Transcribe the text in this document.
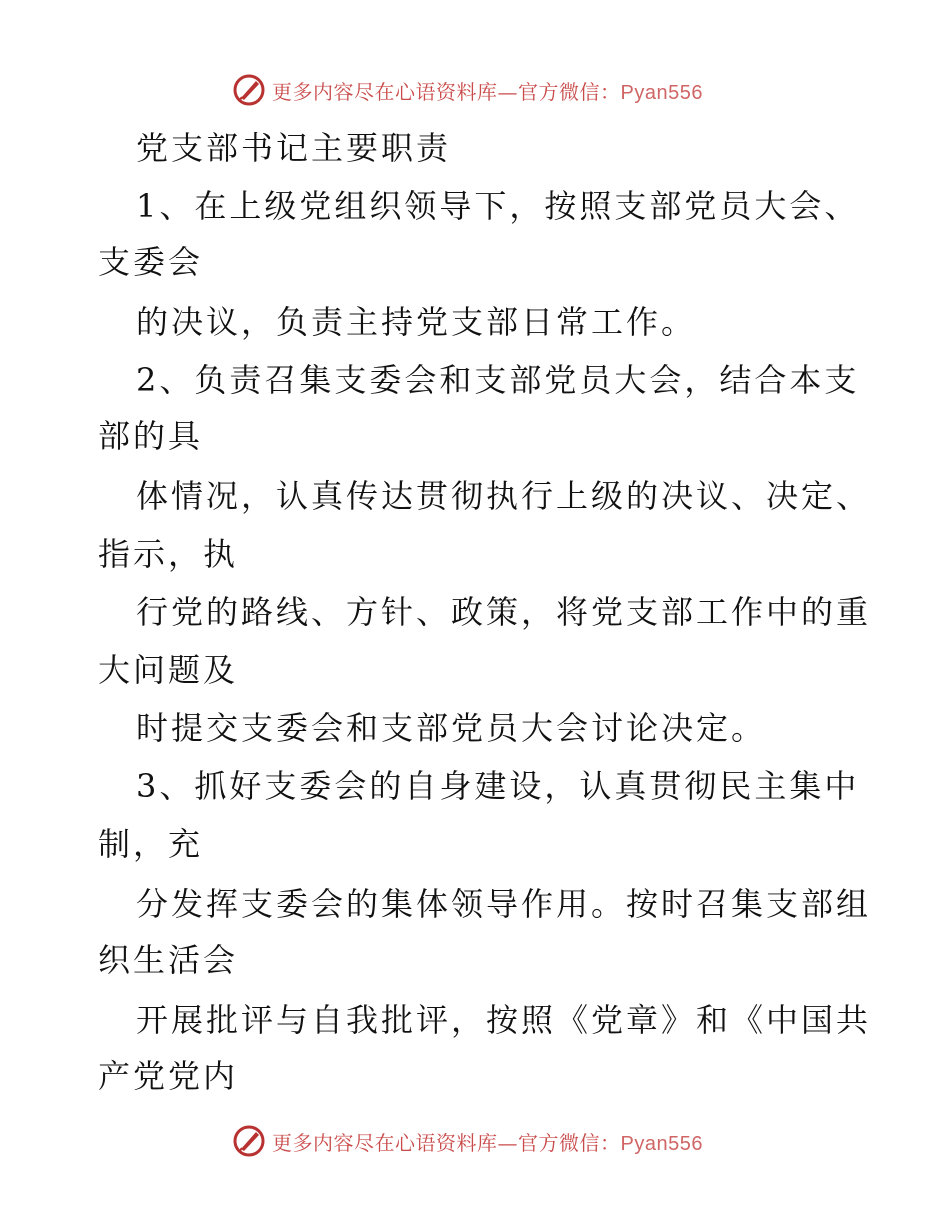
更多内容尽在心语资料库—官方微信：Pyan556
党支部书记主要职责
1、在上级党组织领导下，按照支部党员大会、
支委会
的决议，负责主持党支部日常工作。
2、负责召集支委会和支部党员大会，结合本支
部的具
体情况，认真传达贯彻执行上级的决议、决定、
指示，执
行党的路线、方针、政策，将党支部工作中的重
大问题及
时提交支委会和支部党员大会讨论决定。
3、抓好支委会的自身建设，认真贯彻民主集中
制，充
分发挥支委会的集体领导作用。按时召集支部组
织生活会
开展批评与自我批评，按照《党章》和《中国共
产党党内
更多内容尽在心语资料库—官方微信：Pyan556
